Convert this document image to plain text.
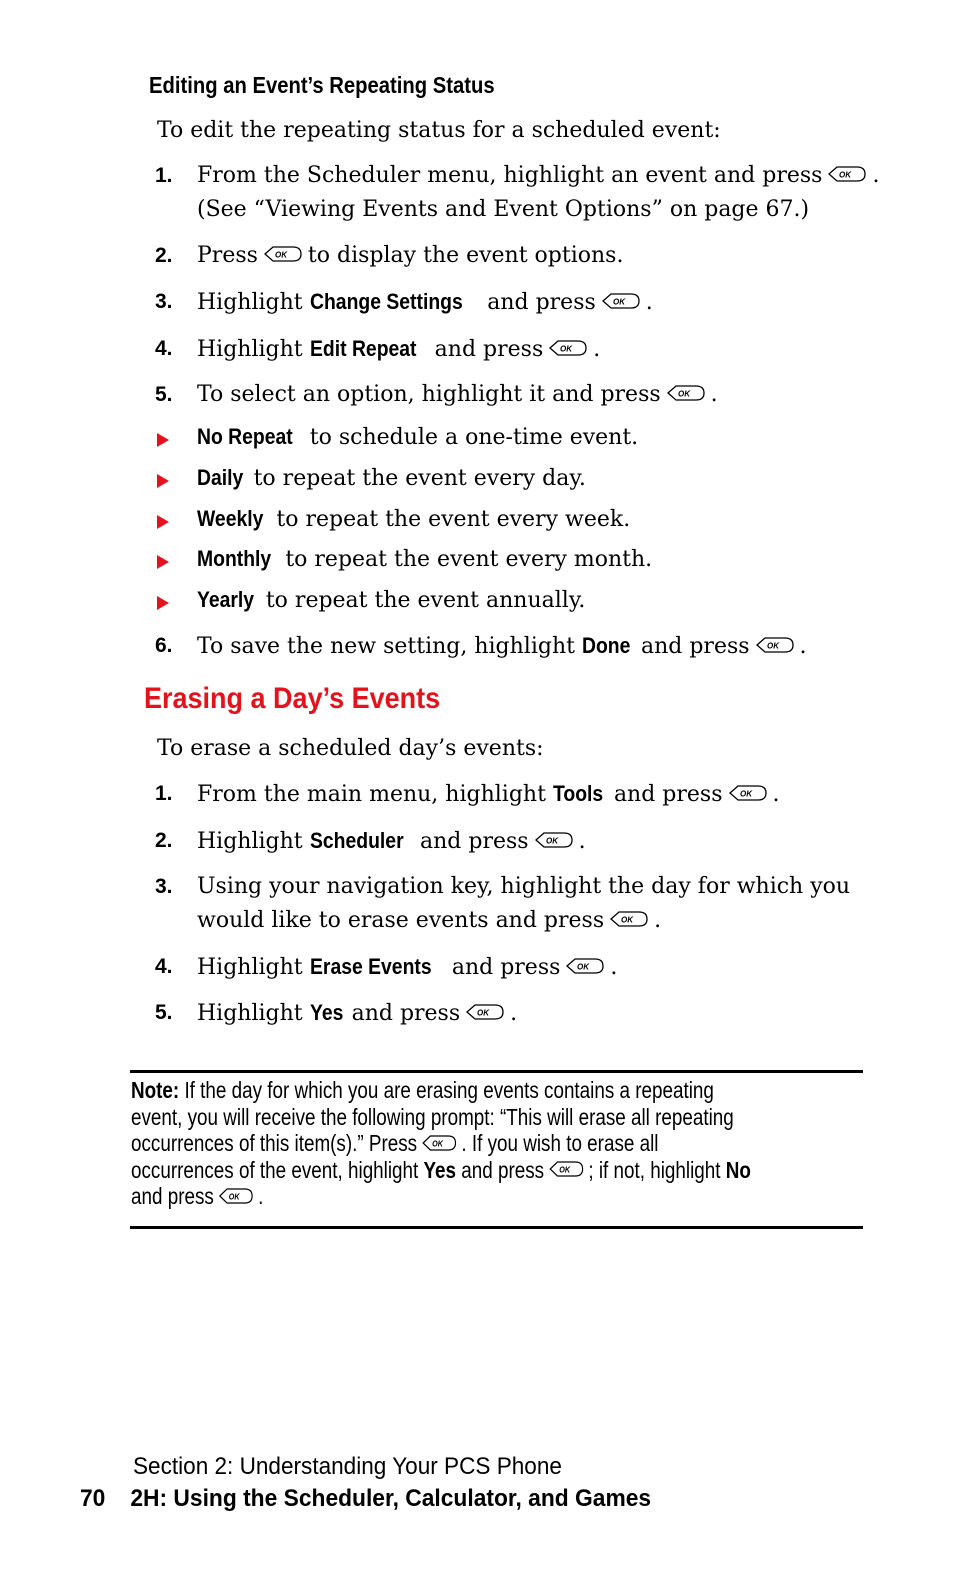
Editing an Event’s Repeating Status
To edit the repeating status for a scheduled event:
1. From the Scheduler menu, highlight an event and press OK .
(See “Viewing Events and Event Options” on page 67.)
2. Press OK to display the event options.
3. Highlight Change Settings and press OK .
4. Highlight Edit Repeat and press OK .
5. To select an option, highlight it and press OK .
No Repeat to schedule a one-time event.
Daily to repeat the event every day.
Weekly to repeat the event every week.
Monthly to repeat the event every month.
Yearly to repeat the event annually.
6. To save the new setting, highlight Done and press OK .
Erasing a Day’s Events
To erase a scheduled day’s events:
1. From the main menu, highlight Tools and press OK .
2. Highlight Scheduler and press OK .
3. Using your navigation key, highlight the day for which you
would like to erase events and press OK .
4. Highlight Erase Events and press OK .
5. Highlight Yes and press OK .
Note: If the day for which you are erasing events contains a repeating
event, you will receive the following prompt: “This will erase all repeating
occurrences of this item(s).” Press OK . If you wish to erase all
occurrences of the event, highlight Yes and press OK ; if not, highlight No
and press OK .
Section 2: Understanding Your PCS Phone
70 2H: Using the Scheduler, Calculator, and Games
